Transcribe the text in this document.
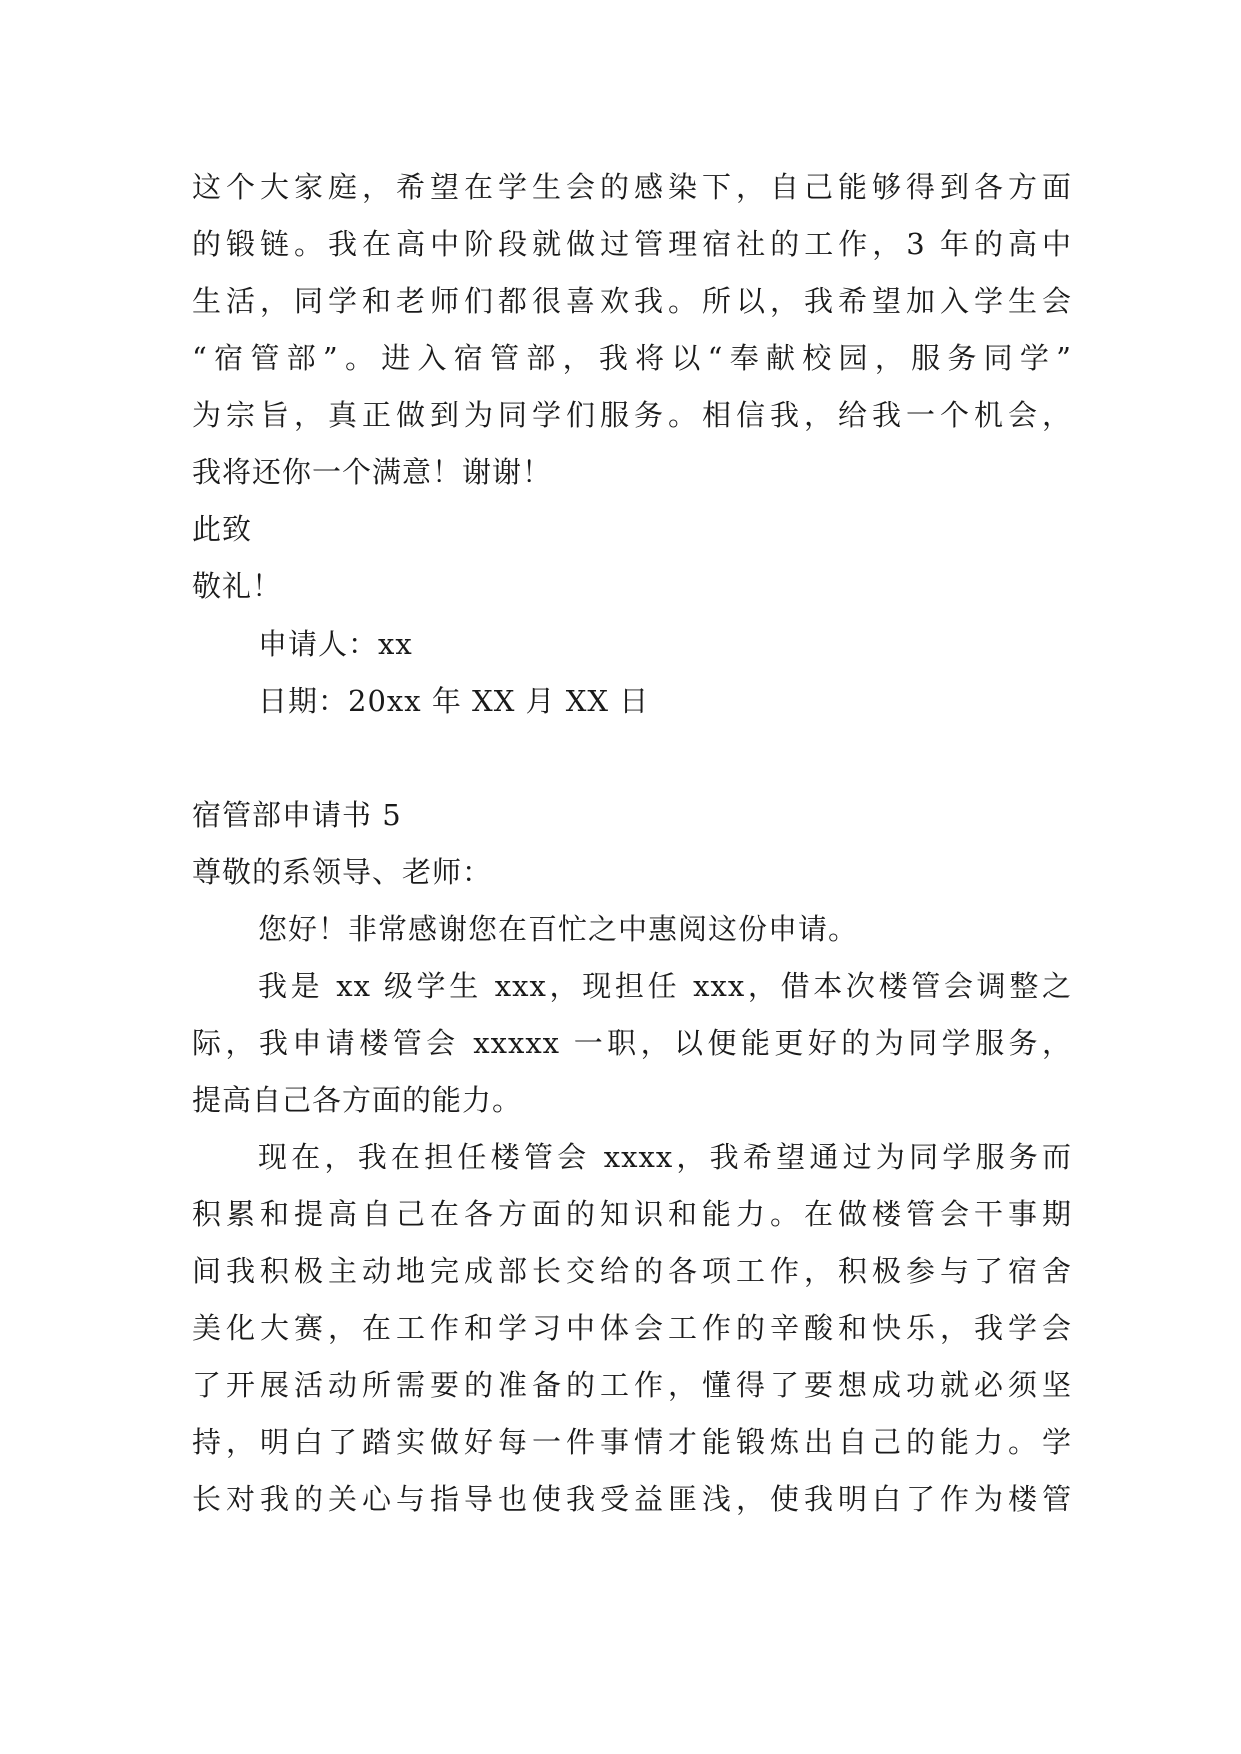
这个大家庭，希望在学生会的感染下，自己能够得到各方面
的锻链。我在高中阶段就做过管理宿社的工作，3 年的高中
生活，同学和老师们都很喜欢我。所以，我希望加入学生会
“宿管部”。进入宿管部，我将以“奉献校园，服务同学”
为宗旨，真正做到为同学们服务。相信我，给我一个机会，
我将还你一个满意！谢谢！
此致
敬礼！
申请人：xx
日期：20xx 年 XX 月 XX 日
宿管部申请书 5
尊敬的系领导、老师：
您好！非常感谢您在百忙之中惠阅这份申请。
我是 xx 级学生 xxx，现担任 xxx，借本次楼管会调整之
际，我申请楼管会 xxxxx 一职，以便能更好的为同学服务，
提高自己各方面的能力。
现在，我在担任楼管会 xxxx，我希望通过为同学服务而
积累和提高自己在各方面的知识和能力。在做楼管会干事期
间我积极主动地完成部长交给的各项工作，积极参与了宿舍
美化大赛，在工作和学习中体会工作的辛酸和快乐，我学会
了开展活动所需要的准备的工作，懂得了要想成功就必须坚
持，明白了踏实做好每一件事情才能锻炼出自己的能力。学
长对我的关心与指导也使我受益匪浅，使我明白了作为楼管
